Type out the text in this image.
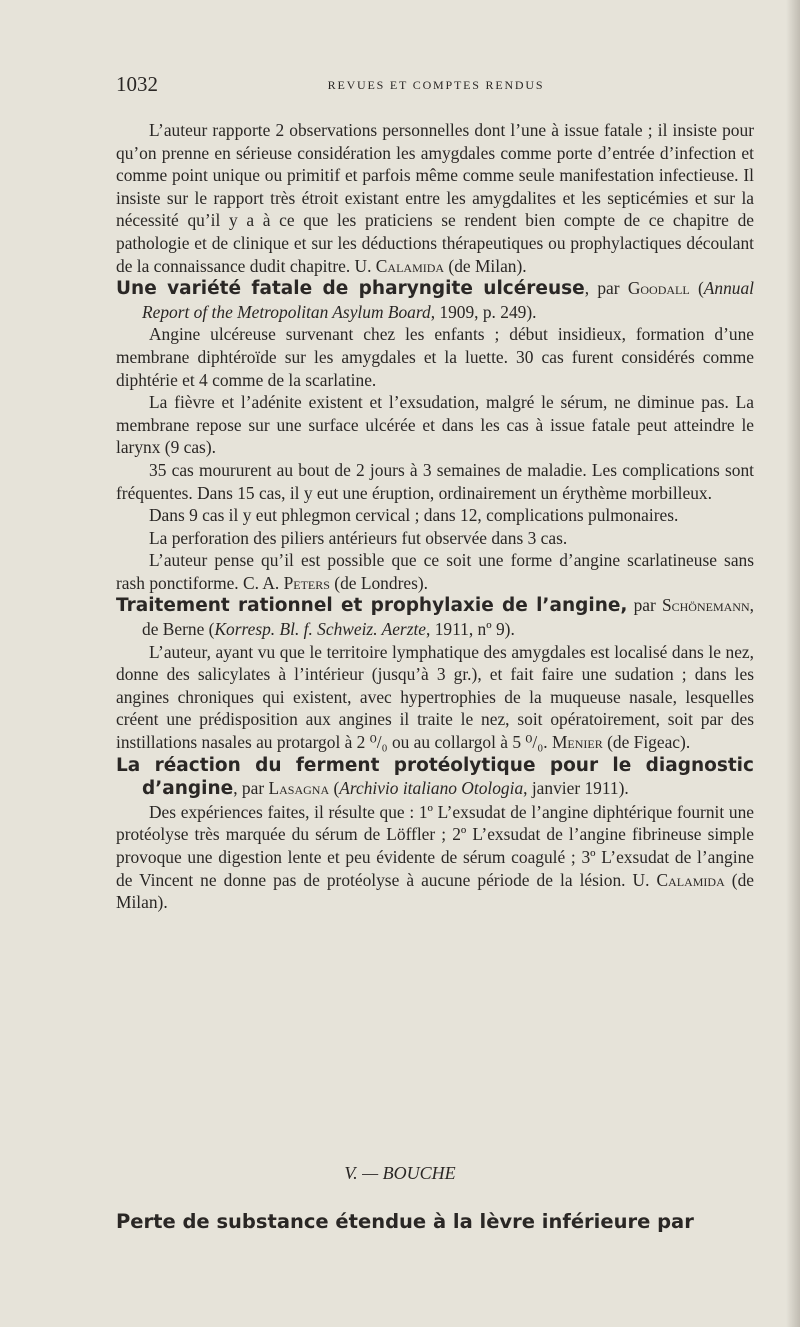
1032	REVUES ET COMPTES RENDUS

L’auteur rapporte 2 observations personnelles dont l’une à issue fatale ; il insiste pour qu’on prenne en sérieuse considération les amygdales comme porte d’entrée d’infection et comme point unique ou primitif et parfois même comme seule manifestation infectieuse. Il insiste sur le rapport très étroit existant entre les amygdalites et les septicémies et sur la nécessité qu’il y a à ce que les praticiens se rendent bien compte de ce chapitre de pathologie et de clinique et sur les déductions thérapeutiques ou prophylactiques découlant de la connaissance dudit chapitre. U. Calamida (de Milan).

Une variété fatale de pharyngite ulcéreuse, par Goodall (Annual Report of the Metropolitan Asylum Board, 1909, p. 249).

Angine ulcéreuse survenant chez les enfants ; début insidieux, formation d’une membrane diphtéroïde sur les amygdales et la luette. 30 cas furent considérés comme diphtérie et 4 comme de la scarlatine.

La fièvre et l’adénite existent et l’exsudation, malgré le sérum, ne diminue pas. La membrane repose sur une surface ulcérée et dans les cas à issue fatale peut atteindre le larynx (9 cas).

35 cas moururent au bout de 2 jours à 3 semaines de maladie. Les complications sont fréquentes. Dans 15 cas, il y eut une éruption, ordinairement un érythème morbilleux.

Dans 9 cas il y eut phlegmon cervical ; dans 12, complications pulmonaires.

La perforation des piliers antérieurs fut observée dans 3 cas.

L’auteur pense qu’il est possible que ce soit une forme d’angine scarlatineuse sans rash ponctiforme. C. A. Peters (de Londres).

Traitement rationnel et prophylaxie de l’angine, par Schönemann, de Berne (Korresp. Bl. f. Schweiz. Aerzte, 1911, nº 9).

L’auteur, ayant vu que le territoire lymphatique des amygdales est localisé dans le nez, donne des salicylates à l’intérieur (jusqu’à 3 gr.), et fait faire une sudation ; dans les angines chroniques qui existent, avec hypertrophies de la muqueuse nasale, lesquelles créent une prédisposition aux angines il traite le nez, soit opératoirement, soit par des instillations nasales au protargol à 2 ⁰/₀ ou au collargol à 5 ⁰/₀. Menier (de Figeac).

La réaction du ferment protéolytique pour le diagnostic d’angine, par Lasagna (Archivio italiano Otologia, janvier 1911).

Des expériences faites, il résulte que : 1º L’exsudat de l’angine diphtérique fournit une protéolyse très marquée du sérum de Löffler ; 2º L’exsudat de l’angine fibrineuse simple provoque une digestion lente et peu évidente de sérum coagulé ; 3º L’exsudat de l’angine de Vincent ne donne pas de protéolyse à aucune période de la lésion. U. Calamida (de Milan).

V. — BOUCHE
Perte de substance étendue à la lèvre inférieure par
